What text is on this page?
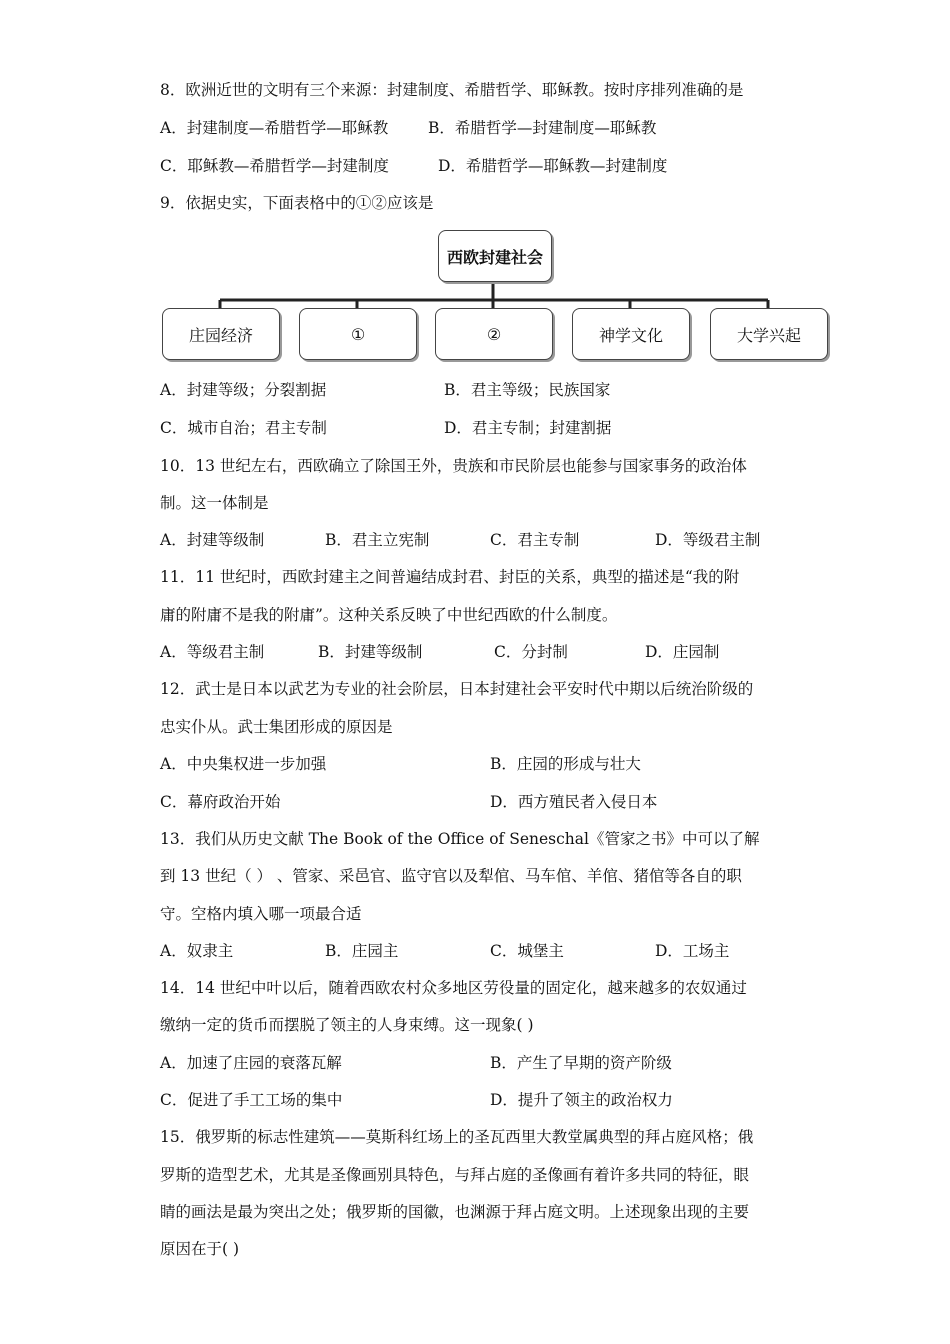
8．欧洲近世的文明有三个来源：封建制度、希腊哲学、耶稣教。按时序排列准确的是
A．封建制度—希腊哲学—耶稣教	B．希腊哲学—封建制度—耶稣教
C．耶稣教—希腊哲学—封建制度	D．希腊哲学—耶稣教—封建制度
9．依据史实，下面表格中的①②应该是
西欧封建社会
庄园经济	①	②	神学文化	大学兴起
A．封建等级；分裂割据	B．君主等级；民族国家
C．城市自治；君主专制	D．君主专制；封建割据
10．13 世纪左右，西欧确立了除国王外，贵族和市民阶层也能参与国家事务的政治体
制。这一体制是
A．封建等级制	B．君主立宪制	C．君主专制	D．等级君主制
11．11 世纪时，西欧封建主之间普遍结成封君、封臣的关系，典型的描述是“我的附
庸的附庸不是我的附庸”。这种关系反映了中世纪西欧的什么制度。
A．等级君主制	B．封建等级制	C．分封制	D．庄园制
12．武士是日本以武艺为专业的社会阶层，日本封建社会平安时代中期以后统治阶级的
忠实仆从。武士集团形成的原因是
A．中央集权进一步加强	B．庄园的形成与壮大
C．幕府政治开始	D．西方殖民者入侵日本
13．我们从历史文献 The Book of the Office of Seneschal《管家之书》中可以了解
到 13 世纪（ ） 、管家、采邑官、监守官以及犁倌、马车倌、羊倌、猪倌等各自的职
守。空格内填入哪一项最合适
A．奴隶主	B．庄园主	C．城堡主	D．工场主
14．14 世纪中叶以后，随着西欧农村众多地区劳役量的固定化，越来越多的农奴通过
缴纳一定的货币而摆脱了领主的人身束缚。这一现象( )
A．加速了庄园的衰落瓦解	B．产生了早期的资产阶级
C．促进了手工工场的集中	D．提升了领主的政治权力
15．俄罗斯的标志性建筑——莫斯科红场上的圣瓦西里大教堂属典型的拜占庭风格；俄
罗斯的造型艺术，尤其是圣像画别具特色，与拜占庭的圣像画有着许多共同的特征，眼
睛的画法是最为突出之处；俄罗斯的国徽，也渊源于拜占庭文明。上述现象出现的主要
原因在于( )
